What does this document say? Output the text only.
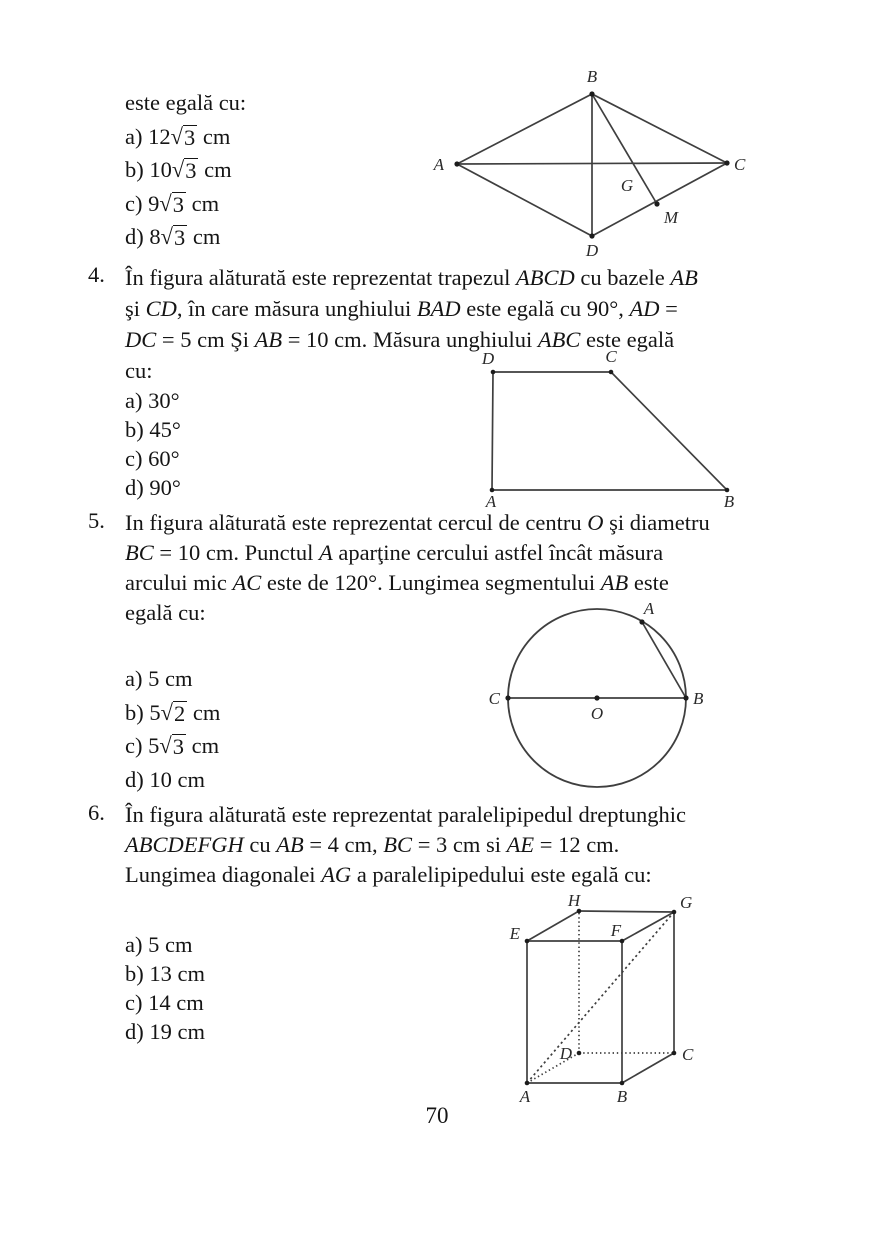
este egală cu:
a) 12√3 cm
b) 10√3 cm
c) 9√3 cm
d) 8√3 cm
A
B
C
D
G
M
4. În figura alăturată este reprezentat trapezul ABCD cu bazele AB
şi CD, în care măsura unghiului BAD este egală cu 90°, AD =
DC = 5 cm Şi AB = 10 cm. Măsura unghiului ABC este egală
cu:
a) 30°
b) 45°
c) 60°
d) 90°
D	C
A	B
5. In figura alãturată este reprezentat cercul de centru O şi diametru
BC = 10 cm. Punctul A aparţine cercului astfel încât măsura
arcului mic AC este de 120°. Lungimea segmentului AB este
egală cu:
a) 5 cm
b) 5√2 cm
c) 5√3 cm
d) 10 cm
C	B
O
A
6. În figura alăturată este reprezentat paralelipipedul dreptunghic
ABCDEFGH cu AB = 4 cm, BC = 3 cm si AE = 12 cm.
Lungimea diagonalei AG a paralelipipedului este egală cu:
a) 5 cm
b) 13 cm
c) 14 cm
d) 19 cm
A	B
C
D
E	F
G
H
70
